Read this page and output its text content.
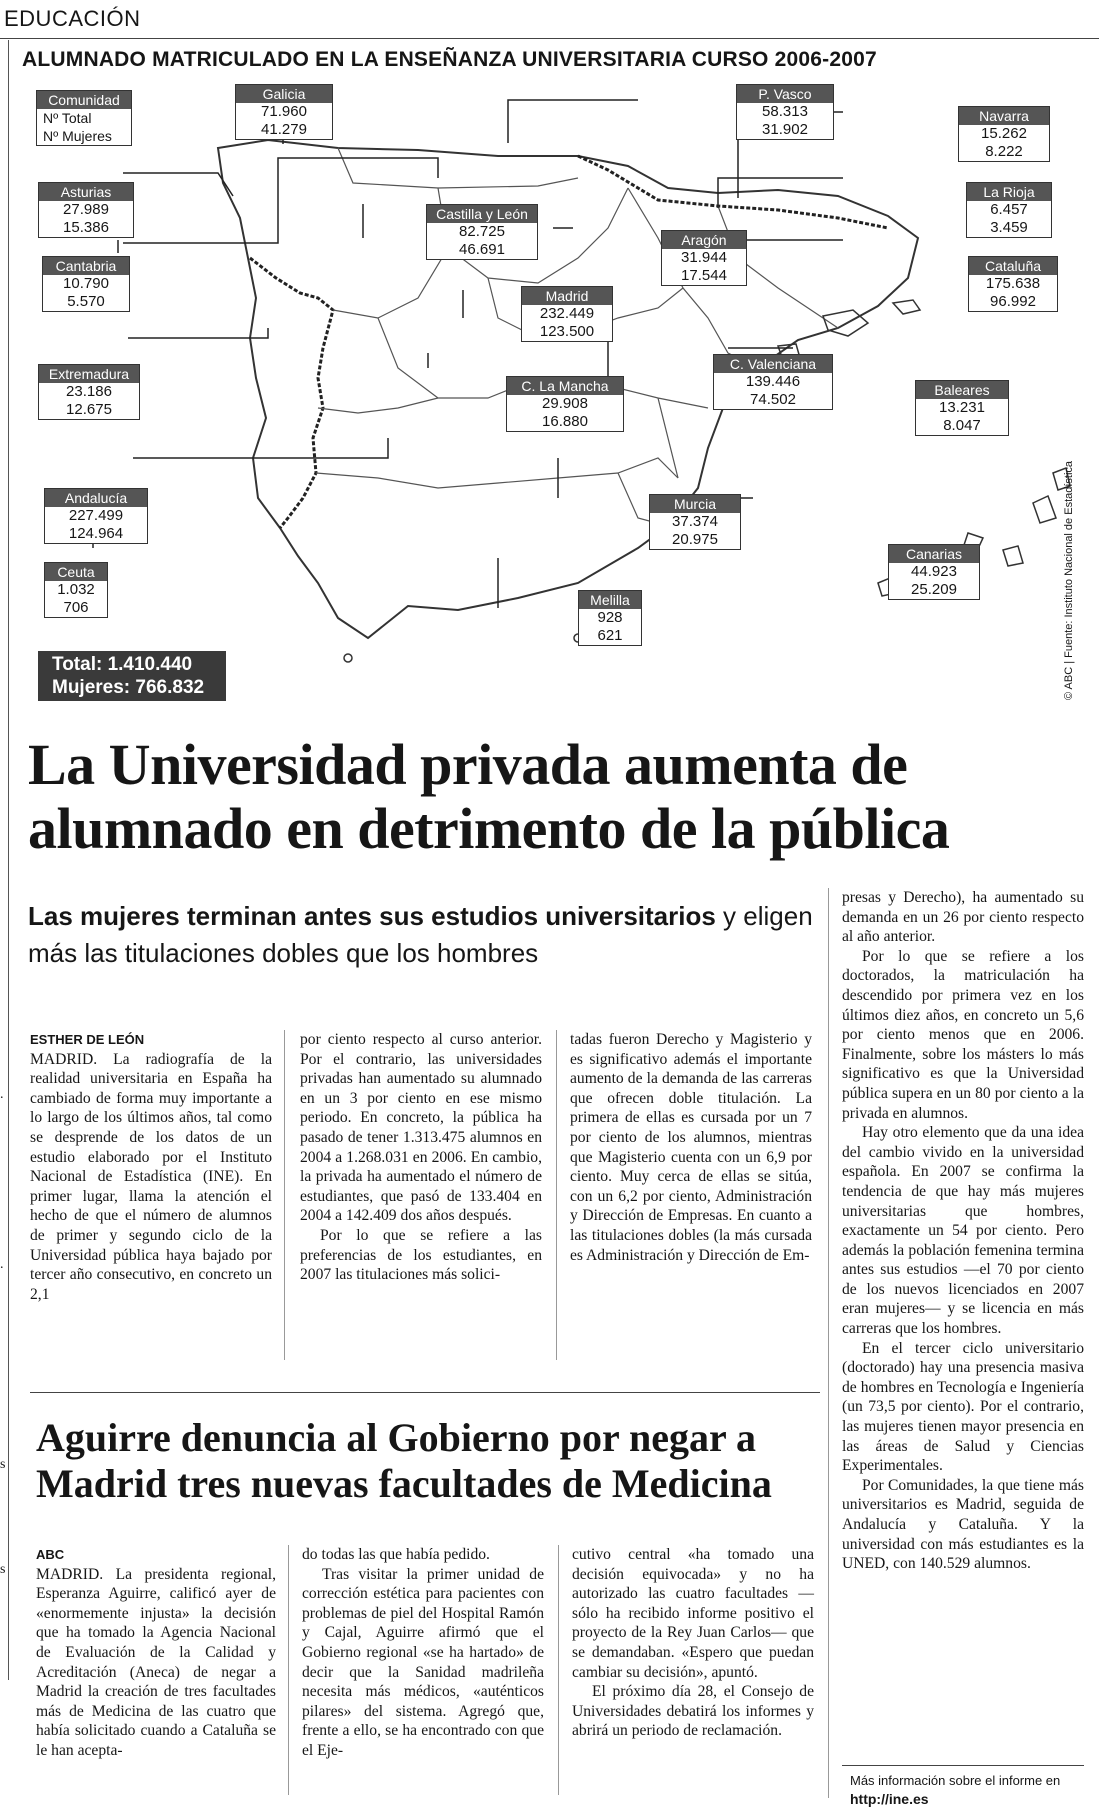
EDUCACIÓN
.
.
s
s
ALUMNADO MATRICULADO EN LA ENSEÑANZA UNIVERSITARIA CURSO 2006-2007
Comunidad
Nº Total
Nº Mujeres
Galicia
71.960
41.279
P. Vasco
58.313
31.902
Navarra
15.262
8.222
Asturias
27.989
15.386
Castilla y León
82.725
46.691
La Rioja
6.457
3.459
Cantabria
10.790
5.570
Aragón
31.944
17.544
Cataluña
175.638
96.992
Madrid
232.449
123.500
Extremadura
23.186
12.675
C. Valenciana
139.446
74.502
C. La Mancha
29.908
16.880
Baleares
13.231
8.047
Andalucía
227.499
124.964
Murcia
37.374
20.975
Canarias
44.923
25.209
Ceuta
1.032
706	Melilla
928
621
Total: 1.410.440
Mujeres: 766.832	© ABC | Fuente: Instituto Nacional de Estadística
La Universidad privada aumenta de
alumnado en detrimento de la pública
Las mujeres terminan antes sus estudios universitarios y eligen más las titulaciones dobles que los hombres
ESTHER DE LEÓN

MADRID. La radiografía de la realidad universitaria en España ha cambiado de forma muy importante a lo largo de los últimos años, tal como se desprende de los datos de un estudio elaborado por el Instituto Nacional de Estadística (INE). En primer lugar, llama la atención el hecho de que el número de alumnos de primer y segundo ciclo de la Universidad pública haya bajado por tercer año consecutivo, en concreto un 2,1

por ciento respecto al curso anterior. Por el contrario, las universidades privadas han aumentado su alumnado en un 3 por ciento en ese mismo periodo. En concreto, la pública ha pasado de tener 1.313.475 alumnos en 2004 a 1.268.031 en 2006. En cambio, la privada ha aumentado el número de estudiantes, que pasó de 133.404 en 2004 a 142.409 dos años después.

Por lo que se refiere a las preferencias de los estudiantes, en 2007 las titulaciones más solici-

tadas fueron Derecho y Magisterio y es significativo además el importante aumento de la demanda de las carreras que ofrecen doble titulación. La primera de ellas es cursada por un 7 por ciento de los alumnos, mientras que Magisterio cuenta con un 6,9 por ciento. Muy cerca de ellas se sitúa, con un 6,2 por ciento, Administración y Dirección de Empresas. En cuanto a las titulaciones dobles (la más cursada es Administración y Dirección de Em-

presas y Derecho), ha aumentado su demanda en un 26 por ciento respecto al año anterior.

Por lo que se refiere a los doctorados, la matriculación ha descendido por primera vez en los últimos diez años, en concreto un 5,6 por ciento menos que en 2006. Finalmente, sobre los másters lo más significativo es que la Universidad pública supera en un 80 por ciento a la privada en alumnos.

Hay otro elemento que da una idea del cambio vivido en la universidad española. En 2007 se confirma la tendencia de que hay más mujeres universitarias que hombres, exactamente un 54 por ciento. Pero además la población femenina termina antes sus estudios —el 70 por ciento de los nuevos licenciados en 2007 eran mujeres— y se licencia en más carreras que los hombres.

En el tercer ciclo universitario (doctorado) hay una presencia masiva de hombres en Tecnología e Ingeniería (un 73,5 por ciento). Por el contrario, las mujeres tienen mayor presencia en las áreas de Salud y Ciencias Experimentales.

Por Comunidades, la que tiene más universitarios es Madrid, seguida de Andalucía y Cataluña. Y la universidad con más estudiantes es la UNED, con 140.529 alumnos.

Más información sobre el informe en
http://ine.es
Aguirre denuncia al Gobierno por negar a
Madrid tres nuevas facultades de Medicina
ABC

MADRID. La presidenta regional, Esperanza Aguirre, calificó ayer de «enormemente injusta» la decisión que ha tomado la Agencia Nacional de Evaluación de la Calidad y Acreditación (Aneca) de negar a Madrid la creación de tres facultades más de Medicina de las cuatro que había solicitado cuando a Cataluña se le han acepta-

do todas las que había pedido.

Tras visitar la primer unidad de corrección estética para pacientes con problemas de piel del Hospital Ramón y Cajal, Aguirre afirmó que el Gobierno regional «se ha hartado» de decir que la Sanidad madrileña necesita más médicos, «auténticos pilares» del sistema. Agregó que, frente a ello, se ha encontrado con que el Eje-

cutivo central «ha tomado una decisión equivocada» y no ha autorizado las cuatro facultades —sólo ha recibido informe positivo el proyecto de la Rey Juan Carlos— que se demandaban. «Espero que puedan cambiar su decisión», apuntó.

El próximo día 28, el Consejo de Universidades debatirá los informes y abrirá un periodo de reclamación.
